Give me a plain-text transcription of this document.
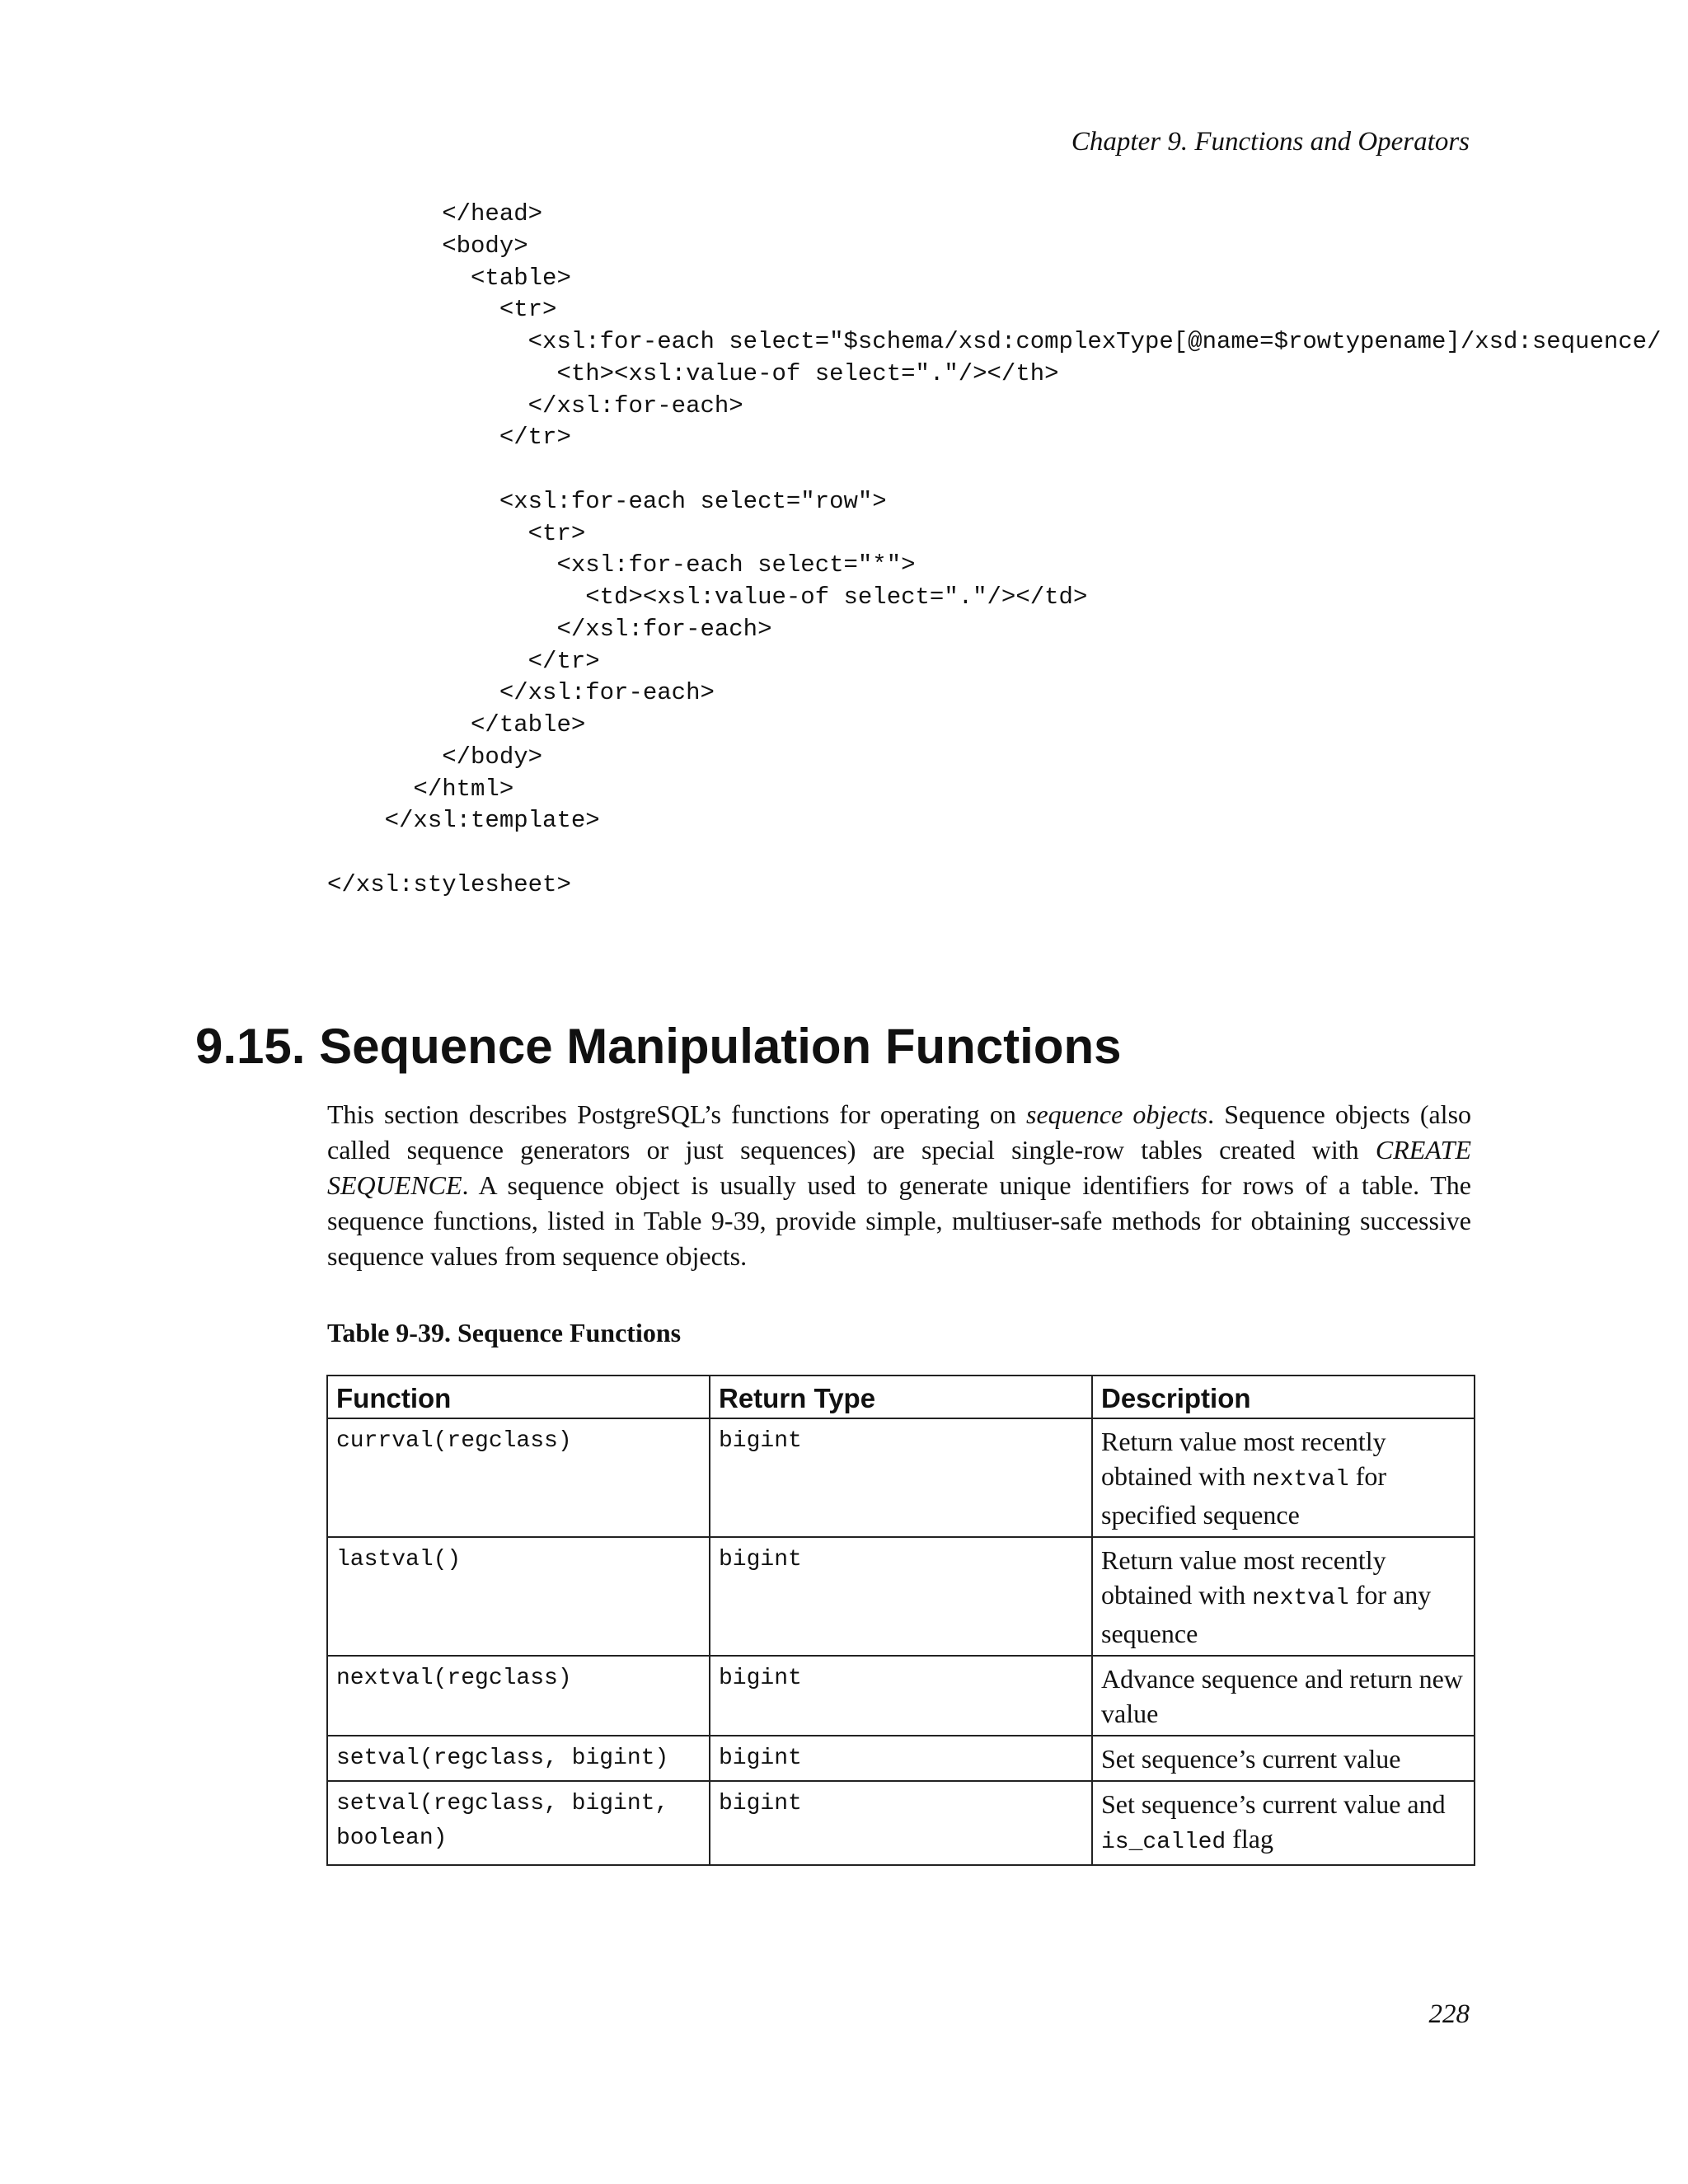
Chapter 9. Functions and Operators
</head>
<body>
<table>
<tr>
<xsl:for-each select="$schema/xsd:complexType[@name=$rowtypename]/xsd:sequence/
<th><xsl:value-of select="."/></th>
</xsl:for-each>
</tr>
<xsl:for-each select="row">
<tr>
<xsl:for-each select="*">
<td><xsl:value-of select="."/></td>
</xsl:for-each>
</tr>
</xsl:for-each>
</table>
</body>
</html>
</xsl:template>
</xsl:stylesheet>
9.15. Sequence Manipulation Functions

This section describes PostgreSQL’s functions for operating on sequence objects. Sequence objects (also called sequence generators or just sequences) are special single-row tables created with CREATE SEQUENCE. A sequence object is usually used to generate unique identifiers for rows of a table. The sequence functions, listed in Table 9-39, provide simple, multiuser-safe methods for obtaining successive sequence values from sequence objects.

Table 9-39. Sequence Functions
Function	Return Type	Description
currval(regclass)	bigint	Return value most recently obtained with nextval for specified sequence
lastval()	bigint	Return value most recently obtained with nextval for any sequence
nextval(regclass)	bigint	Advance sequence and return new value
setval(regclass, bigint)	bigint	Set sequence’s current value
setval(regclass, bigint, boolean)	bigint	Set sequence’s current value and is_called flag
228
